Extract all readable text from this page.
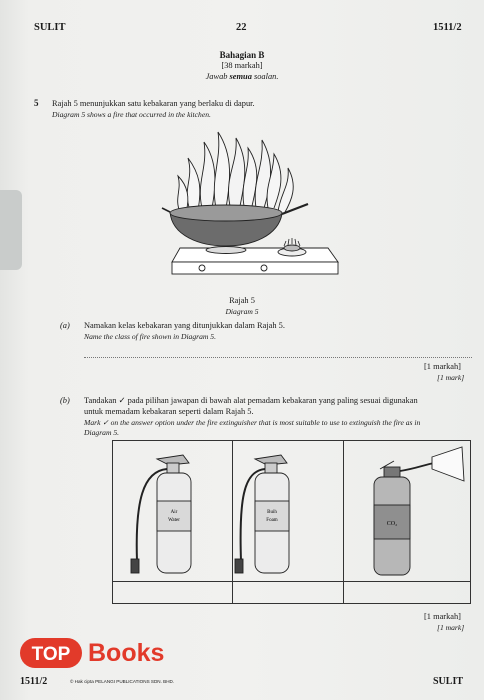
SULIT	22	1511/2
Bahagian B
[38 markah]
Jawab semua soalan.
5 Rajah 5 menunjukkan satu kebakaran yang berlaku di dapur.
Diagram 5 shows a fire that occurred in the kitchen.
Rajah 5
Diagram 5
(a) Namakan kelas kebakaran yang ditunjukkan dalam Rajah 5.
Name the class of fire shown in Diagram 5.
[1 markah]
[1 mark]
(b) Tandakan ✓ pada pilihan jawapan di bawah alat pemadam kebakaran yang paling sesuai digunakan
untuk memadam kebakaran seperti dalam Rajah 5.
Mark ✓ on the answer option under the fire extinguisher that is most suitable to use to extinguish the fire as in
Diagram 5.
Air
Water
Buih
Foam
CO₂
[1 markah]
[1 mark]
TOP Books
1511/2	© Hak cipta PELANGI PUBLICATIONS SDN. BHD.	SULIT
